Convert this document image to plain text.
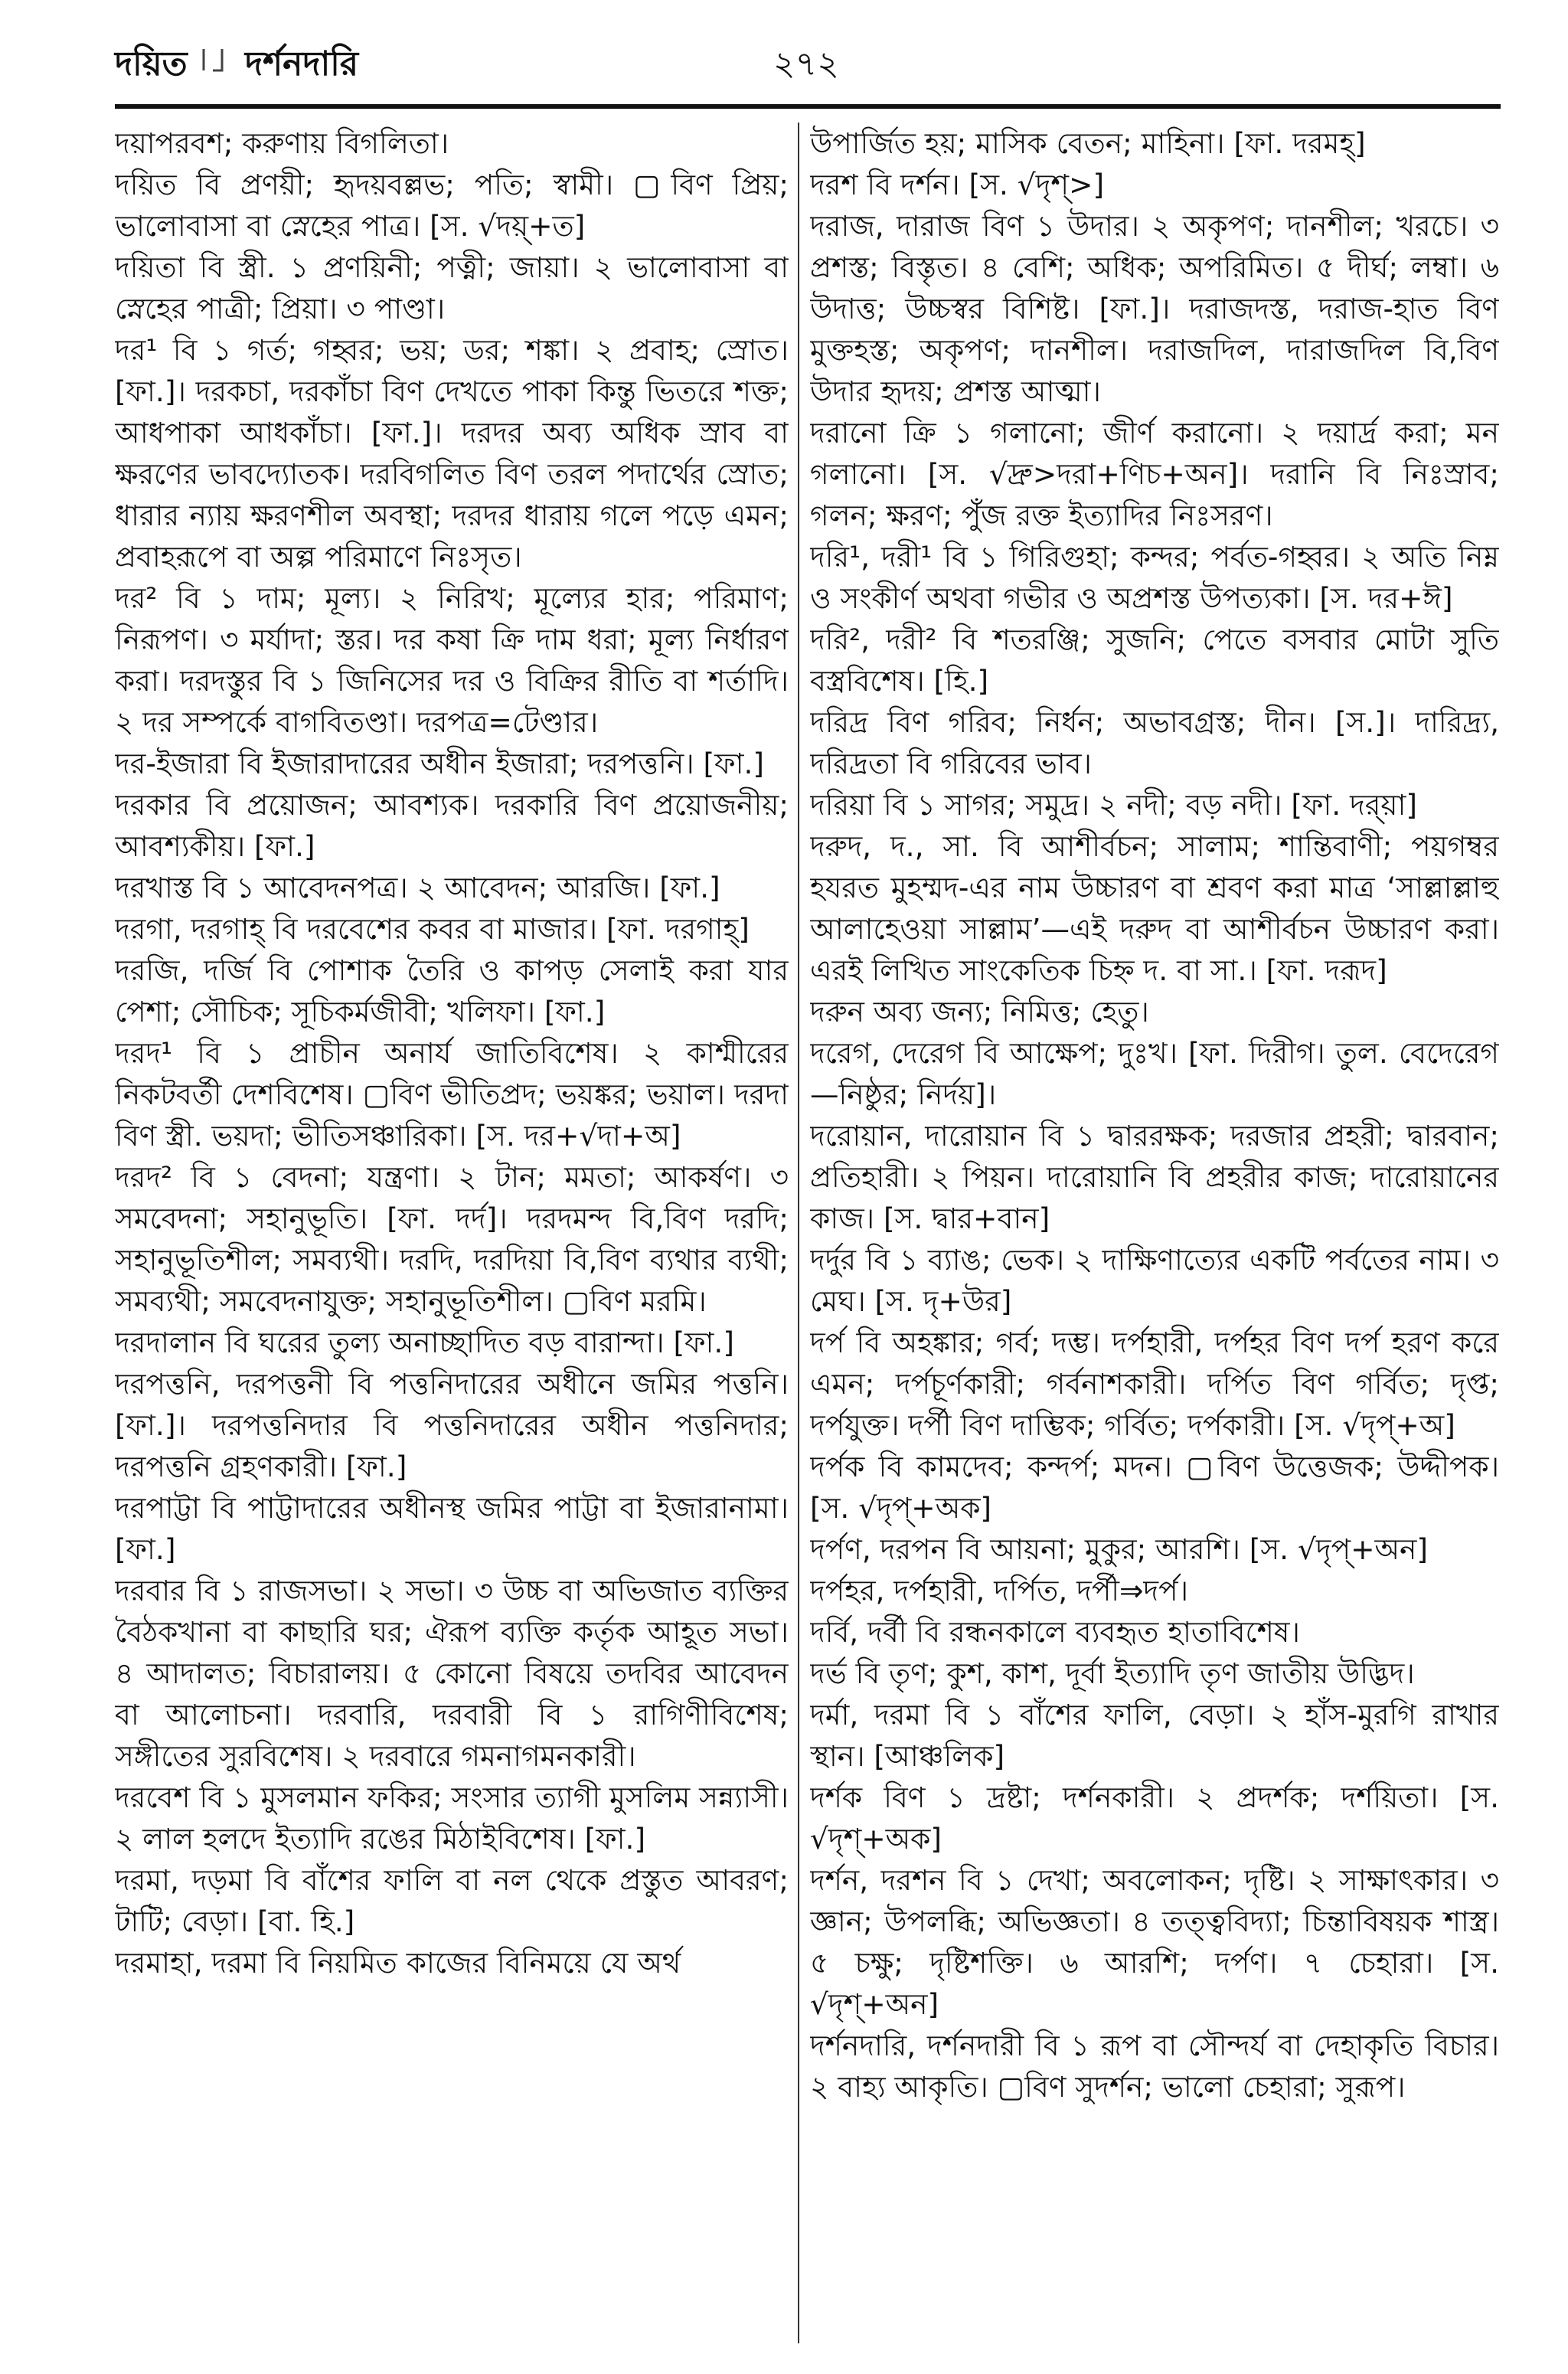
দয়িত দর্শনদারি	২৭২

দয়াপরবশ; করুণায় বিগলিতা।

দয়িত বি প্রণয়ী; হৃদয়বল্লভ; পতি; স্বামী। ▢বিণ প্রিয়; ভালোবাসা বা স্নেহের পাত্র। [স. √দয়্+ত]

দয়িতা বি স্ত্রী. ১ প্রণয়িনী; পত্নী; জায়া। ২ ভালোবাসা বা স্নেহের পাত্রী; প্রিয়া। ৩ পাণ্ডা।

দর¹ বি ১ গর্ত; গহ্বর; ভয়; ডর; শঙ্কা। ২ প্রবাহ; স্রোত। [ফা.]। দরকচা, দরকাঁচা বিণ দেখতে পাকা কিন্তু ভিতরে শক্ত; আধপাকা আধকাঁচা। [ফা.]। দরদর অব্য অধিক স্রাব বা ক্ষরণের ভাবদ্যোতক। দরবিগলিত বিণ তরল পদার্থের স্রোত; ধারার ন্যায় ক্ষরণশীল অবস্থা; দরদর ধারায় গলে পড়ে এমন; প্রবাহরূপে বা অল্প পরিমাণে নিঃসৃত।

দর² বি ১ দাম; মূল্য। ২ নিরিখ; মূল্যের হার; পরিমাণ; নিরূপণ। ৩ মর্যাদা; স্তর। দর কষা ক্রি দাম ধরা; মূল্য নির্ধারণ করা। দরদস্তুর বি ১ জিনিসের দর ও বিক্রির রীতি বা শর্তাদি। ২ দর সম্পর্কে বাগবিতণ্ডা। দরপত্র=টেণ্ডার।

দর-ইজারা বি ইজারাদারের অধীন ইজারা; দরপত্তনি। [ফা.]

দরকার বি প্রয়োজন; আবশ্যক। দরকারি বিণ প্রয়োজনীয়; আবশ্যকীয়। [ফা.]

দরখাস্ত বি ১ আবেদনপত্র। ২ আবেদন; আরজি। [ফা.]

দরগা, দরগাহ্ বি দরবেশের কবর বা মাজার। [ফা. দরগাহ্]

দরজি, দর্জি বি পোশাক তৈরি ও কাপড় সেলাই করা যার পেশা; সৌচিক; সূচিকর্মজীবী; খলিফা। [ফা.]

দরদ¹ বি ১ প্রাচীন অনার্য জাতিবিশেষ। ২ কাশ্মীরের নিকটবর্তী দেশবিশেষ। ▢বিণ ভীতিপ্রদ; ভয়ঙ্কর; ভয়াল। দরদা বিণ স্ত্রী. ভয়দা; ভীতিসঞ্চারিকা। [স. দর+√দা+অ]

দরদ² বি ১ বেদনা; যন্ত্রণা। ২ টান; মমতা; আকর্ষণ। ৩ সমবেদনা; সহানুভূতি। [ফা. দর্দ]। দরদমন্দ বি,বিণ দরদি; সহানুভূতিশীল; সমব্যথী। দরদি, দরদিয়া বি,বিণ ব্যথার ব্যথী; সমব্যথী; সমবেদনাযুক্ত; সহানুভূতিশীল। ▢বিণ মরমি।

দরদালান বি ঘরের তুল্য অনাচ্ছাদিত বড় বারান্দা। [ফা.]

দরপত্তনি, দরপত্তনী বি পত্তনিদারের অধীনে জমির পত্তনি। [ফা.]। দরপত্তনিদার বি পত্তনিদারের অধীন পত্তনিদার; দরপত্তনি গ্রহণকারী। [ফা.]

দরপাট্টা বি পাট্টাদারের অধীনস্থ জমির পাট্টা বা ইজারানামা। [ফা.]

দরবার বি ১ রাজসভা। ২ সভা। ৩ উচ্চ বা অভিজাত ব্যক্তির বৈঠকখানা বা কাছারি ঘর; ঐরূপ ব্যক্তি কর্তৃক আহূত সভা। ৪ আদালত; বিচারালয়। ৫ কোনো বিষয়ে তদবির আবেদন বা আলোচনা। দরবারি, দরবারী বি ১ রাগিণীবিশেষ; সঙ্গীতের সুরবিশেষ। ২ দরবারে গমনাগমনকারী।

দরবেশ বি ১ মুসলমান ফকির; সংসার ত্যাগী মুসলিম সন্ন্যাসী। ২ লাল হলদে ইত্যাদি রঙের মিঠাইবিশেষ। [ফা.]

দরমা, দড়মা বি বাঁশের ফালি বা নল থেকে প্রস্তুত আবরণ; টাটি; বেড়া। [বা. হি.]

দরমাহা, দরমা বি নিয়মিত কাজের বিনিময়ে যে অর্থ

উপার্জিত হয়; মাসিক বেতন; মাহিনা। [ফা. দরমহ্]

দরশ বি দর্শন। [স. √দৃশ্>]

দরাজ, দারাজ বিণ ১ উদার। ২ অকৃপণ; দানশীল; খরচে। ৩ প্রশস্ত; বিস্তৃত। ৪ বেশি; অধিক; অপরিমিত। ৫ দীর্ঘ; লম্বা। ৬ উদাত্ত; উচ্চস্বর বিশিষ্ট। [ফা.]। দরাজদস্ত, দরাজ-হাত বিণ মুক্তহস্ত; অকৃপণ; দানশীল। দরাজদিল, দারাজদিল বি,বিণ উদার হৃদয়; প্রশস্ত আত্মা।

দরানো ক্রি ১ গলানো; জীর্ণ করানো। ২ দয়ার্দ্র করা; মন গলানো। [স. √দ্রু>দরা+ণিচ+অন]। দরানি বি নিঃস্রাব; গলন; ক্ষরণ; পুঁজ রক্ত ইত্যাদির নিঃসরণ।

দরি¹, দরী¹ বি ১ গিরিগুহা; কন্দর; পর্বত-গহ্বর। ২ অতি নিম্ন ও সংকীর্ণ অথবা গভীর ও অপ্রশস্ত উপত্যকা। [স. দর+ঈ]

দরি², দরী² বি শতরঞ্জি; সুজনি; পেতে বসবার মোটা সুতি বস্ত্রবিশেষ। [হি.]

দরিদ্র বিণ গরিব; নির্ধন; অভাবগ্রস্ত; দীন। [স.]। দারিদ্র্য, দরিদ্রতা বি গরিবের ভাব।

দরিয়া বি ১ সাগর; সমুদ্র। ২ নদী; বড় নদী। [ফা. দর্‌য়া]

দরুদ, দ., সা. বি আশীর্বচন; সালাম; শান্তিবাণী; পয়গম্বর হযরত মুহম্মদ-এর নাম উচ্চারণ বা শ্রবণ করা মাত্র ‘সাল্লাল্লাহু আলাহেওয়া সাল্লাম’—এই দরুদ বা আশীর্বচন উচ্চারণ করা। এরই লিখিত সাংকেতিক চিহ্ন দ. বা সা.। [ফা. দরূদ]

দরুন অব্য জন্য; নিমিত্ত; হেতু।

দরেগ, দেরেগ বি আক্ষেপ; দুঃখ। [ফা. দিরীগ। তুল. বেদেরেগ—নিষ্ঠুর; নির্দয়]।

দরোয়ান, দারোয়ান বি ১ দ্বাররক্ষক; দরজার প্রহরী; দ্বারবান; প্রতিহারী। ২ পিয়ন। দারোয়ানি বি প্রহরীর কাজ; দারোয়ানের কাজ। [স. দ্বার+বান]

দর্দুর বি ১ ব্যাঙ; ভেক। ২ দাক্ষিণাত্যের একটি পর্বতের নাম। ৩ মেঘ। [স. দৃ+উর]

দর্প বি অহঙ্কার; গর্ব; দম্ভ। দর্পহারী, দর্পহর বিণ দর্প হরণ করে এমন; দর্পচূর্ণকারী; গর্বনাশকারী। দর্পিত বিণ গর্বিত; দৃপ্ত; দর্পযুক্ত। দর্পী বিণ দাম্ভিক; গর্বিত; দর্পকারী। [স. √দৃপ্+অ]

দর্পক বি কামদেব; কন্দর্প; মদন। ▢বিণ উত্তেজক; উদ্দীপক। [স. √দৃপ্+অক]

দর্পণ, দরপন বি আয়না; মুকুর; আরশি। [স. √দৃপ্+অন]

দর্পহর, দর্পহারী, দর্পিত, দর্পী⇒দর্প।

দর্বি, দর্বী বি রন্ধনকালে ব্যবহৃত হাতাবিশেষ।

দর্ভ বি তৃণ; কুশ, কাশ, দূর্বা ইত্যাদি তৃণ জাতীয় উদ্ভিদ।

দর্মা, দরমা বি ১ বাঁশের ফালি, বেড়া। ২ হাঁস-মুরগি রাখার স্থান। [আঞ্চলিক]

দর্শক বিণ ১ দ্রষ্টা; দর্শনকারী। ২ প্রদর্শক; দর্শয়িতা। [স. √দৃশ্+অক]

দর্শন, দরশন বি ১ দেখা; অবলোকন; দৃষ্টি। ২ সাক্ষাৎকার। ৩ জ্ঞান; উপলব্ধি; অভিজ্ঞতা। ৪ তত্ত্ববিদ্যা; চিন্তাবিষয়ক শাস্ত্র। ৫ চক্ষু; দৃষ্টিশক্তি। ৬ আরশি; দর্পণ। ৭ চেহারা। [স. √দৃশ্+অন]

দর্শনদারি, দর্শনদারী বি ১ রূপ বা সৌন্দর্য বা দেহাকৃতি বিচার। ২ বাহ্য আকৃতি। ▢বিণ সুদর্শন; ভালো চেহারা; সুরূপ।
